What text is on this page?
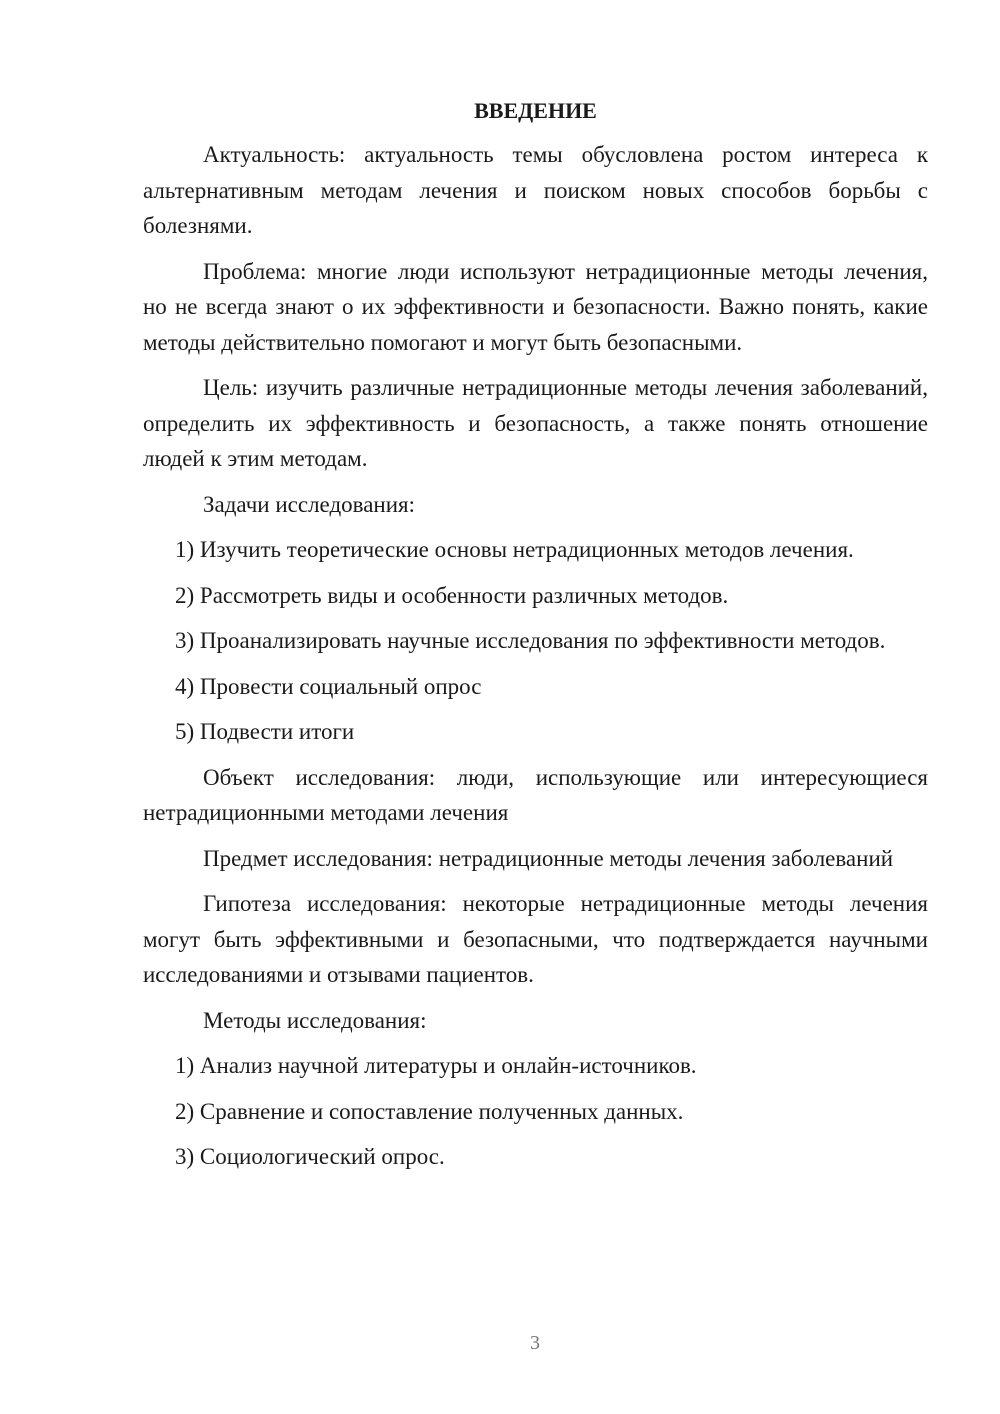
ВВЕДЕНИЕ

Актуальность: актуальность темы обусловлена ростом интереса к альтернативным методам лечения и поиском новых способов борьбы с болезнями.

Проблема: многие люди используют нетрадиционные методы лечения, но не всегда знают о их эффективности и безопасности. Важно понять, какие методы действительно помогают и могут быть безопасными.

Цель: изучить различные нетрадиционные методы лечения заболеваний, определить их эффективность и безопасность, а также понять отношение людей к этим методам.

Задачи исследования:

1) Изучить теоретические основы нетрадиционных методов лечения.

2) Рассмотреть виды и особенности различных методов.

3) Проанализировать научные исследования по эффективности методов.

4) Провести социальный опрос

5) Подвести итоги

Объект исследования: люди, использующие или интересующиеся нетрадиционными методами лечения

Предмет исследования: нетрадиционные методы лечения заболеваний

Гипотеза исследования: некоторые нетрадиционные методы лечения могут быть эффективными и безопасными, что подтверждается научными исследованиями и отзывами пациентов.

Методы исследования:

1) Анализ научной литературы и онлайн-источников.

2) Сравнение и сопоставление полученных данных.

3) Социологический опрос.

3
